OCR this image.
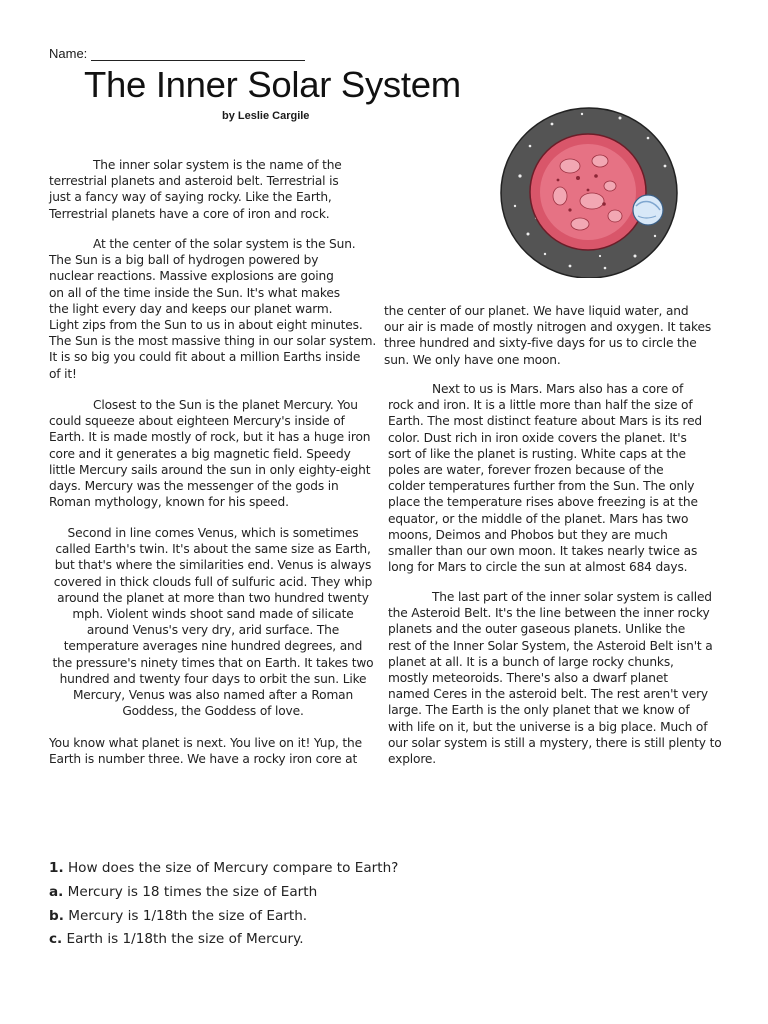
Name:
The Inner Solar System
by Leslie Cargile

The inner solar system is the name of the
terrestrial planets and asteroid belt. Terrestrial is
just a fancy way of saying rocky. Like the Earth,
Terrestrial planets have a core of iron and rock.

At the center of the solar system is the Sun.
The Sun is a big ball of hydrogen powered by
nuclear reactions. Massive explosions are going
on all of the time inside the Sun. It's what makes
the light every day and keeps our planet warm.
Light zips from the Sun to us in about eight minutes.
The Sun is the most massive thing in our solar system.
It is so big you could fit about a million Earths inside
of it!

Closest to the Sun is the planet Mercury. You
could squeeze about eighteen Mercury's inside of
Earth. It is made mostly of rock, but it has a huge iron
core and it generates a big magnetic field. Speedy
little Mercury sails around the sun in only eighty-eight
days. Mercury was the messenger of the gods in
Roman mythology, known for his speed.

Second in line comes Venus, which is sometimes
called Earth's twin. It's about the same size as Earth,
but that's where the similarities end. Venus is always
covered in thick clouds full of sulfuric acid. They whip
around the planet at more than two hundred twenty
mph. Violent winds shoot sand made of silicate
around Venus's very dry, arid surface. The
temperature averages nine hundred degrees, and
the pressure's ninety times that on Earth. It takes two
hundred and twenty four days to orbit the sun. Like
Mercury, Venus was also named after a Roman
Goddess, the Goddess of love.

You know what planet is next. You live on it! Yup, the
Earth is number three. We have a rocky iron core at

the center of our planet. We have liquid water, and
our air is made of mostly nitrogen and oxygen. It takes
three hundred and sixty-five days for us to circle the
sun. We only have one moon.

Next to us is Mars. Mars also has a core of
rock and iron. It is a little more than half the size of
Earth. The most distinct feature about Mars is its red
color. Dust rich in iron oxide covers the planet. It's
sort of like the planet is rusting. White caps at the
poles are water, forever frozen because of the
colder temperatures further from the Sun. The only
place the temperature rises above freezing is at the
equator, or the middle of the planet. Mars has two
moons, Deimos and Phobos but they are much
smaller than our own moon. It takes nearly twice as
long for Mars to circle the sun at almost 684 days.

The last part of the inner solar system is called
the Asteroid Belt. It's the line between the inner rocky
planets and the outer gaseous planets. Unlike the
rest of the Inner Solar System, the Asteroid Belt isn't a
planet at all. It is a bunch of large rocky chunks,
mostly meteoroids. There's also a dwarf planet
named Ceres in the asteroid belt. The rest aren't very
large. The Earth is the only planet that we know of
with life on it, but the universe is a big place. Much of
our solar system is still a mystery, there is still plenty to
explore.

1. How does the size of Mercury compare to Earth?

a. Mercury is 18 times the size of Earth

b. Mercury is 1/18th the size of Earth.

c. Earth is 1/18th the size of Mercury.
